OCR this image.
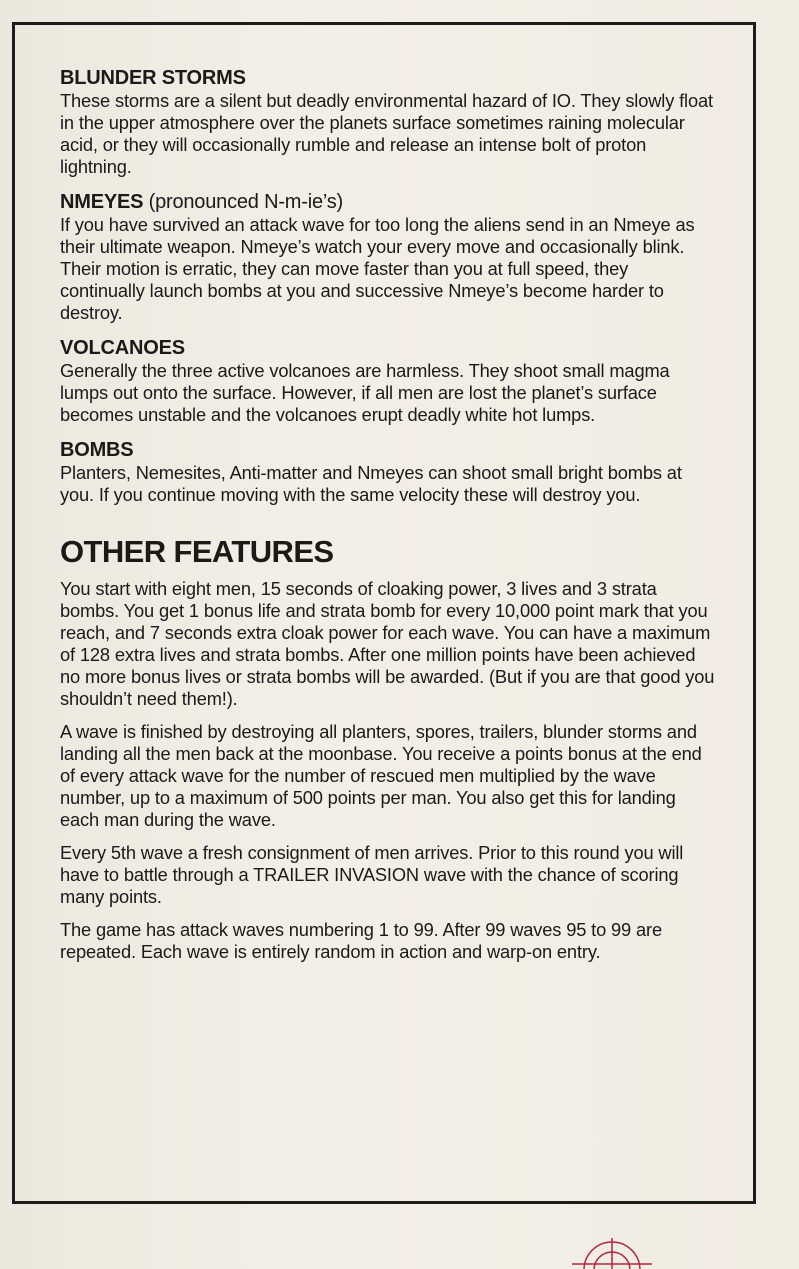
BLUNDER STORMS

These storms are a silent but deadly environmental hazard of IO. They slowly float in the upper atmosphere over the planets surface sometimes raining molecular acid, or they will occasionally rumble and release an intense bolt of proton lightning.

NMEYES (pronounced N-m-ie’s)

If you have survived an attack wave for too long the aliens send in an Nmeye as their ultimate weapon. Nmeye’s watch your every move and occasionally blink. Their motion is erratic, they can move faster than you at full speed, they continually launch bombs at you and successive Nmeye’s become harder to destroy.

VOLCANOES

Generally the three active volcanoes are harmless. They shoot small magma lumps out onto the surface. However, if all men are lost the planet’s surface becomes unstable and the volcanoes erupt deadly white hot lumps.

BOMBS

Planters, Nemesites, Anti-matter and Nmeyes can shoot small bright bombs at you. If you continue moving with the same velocity these will destroy you.

OTHER FEATURES

You start with eight men, 15 seconds of cloaking power, 3 lives and 3 strata bombs. You get 1 bonus life and strata bomb for every 10,000 point mark that you reach, and 7 seconds extra cloak power for each wave. You can have a maximum of 128 extra lives and strata bombs. After one million points have been achieved no more bonus lives or strata bombs will be awarded. (But if you are that good you shouldn’t need them!).

A wave is finished by destroying all planters, spores, trailers, blunder storms and landing all the men back at the moonbase. You receive a points bonus at the end of every attack wave for the number of rescued men multiplied by the wave number, up to a maximum of 500 points per man. You also get this for landing each man during the wave.

Every 5th wave a fresh consignment of men arrives. Prior to this round you will have to battle through a TRAILER INVASION wave with the chance of scoring many points.

The game has attack waves numbering 1 to 99. After 99 waves 95 to 99 are repeated. Each wave is entirely random in action and warp-on entry.
